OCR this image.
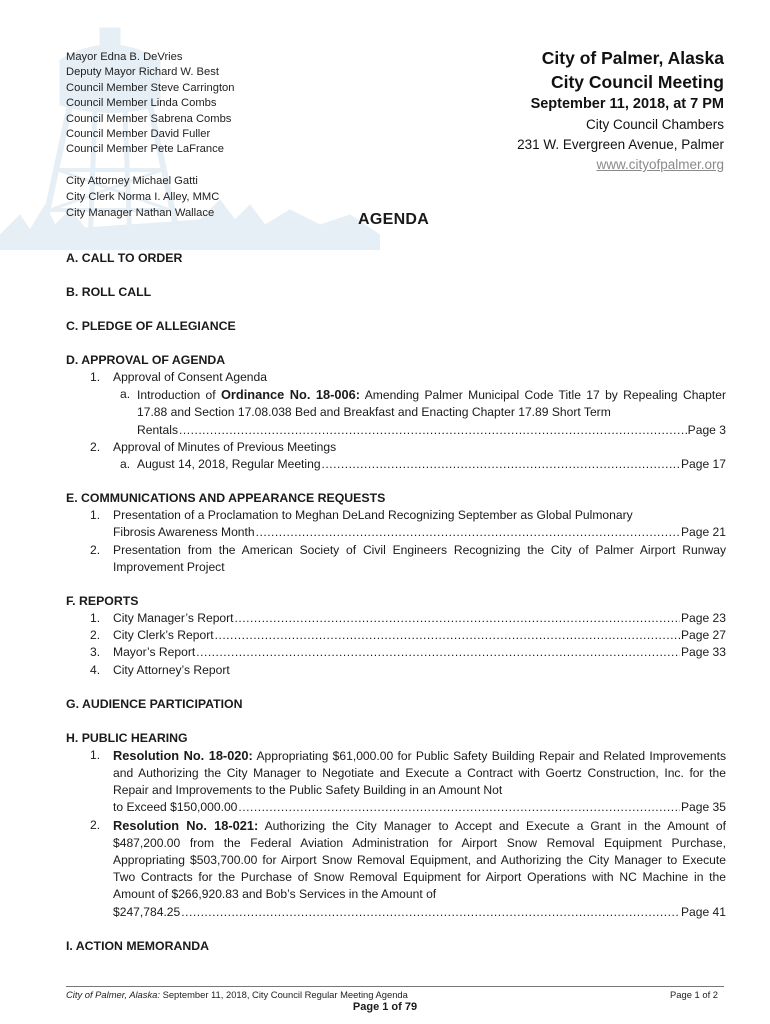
Mayor Edna B. DeVries
Deputy Mayor Richard W. Best
Council Member Steve Carrington
Council Member Linda Combs
Council Member Sabrena Combs
Council Member David Fuller
Council Member Pete LaFrance
City Attorney Michael Gatti
City Clerk Norma I. Alley, MMC
City Manager Nathan Wallace
City of Palmer, Alaska
City Council Meeting
September 11, 2018, at 7 PM
City Council Chambers
231 W. Evergreen Avenue, Palmer
www.cityofpalmer.org
AGENDA
A. CALL TO ORDER
B. ROLL CALL
C. PLEDGE OF ALLEGIANCE
D. APPROVAL OF AGENDA
1. Approval of Consent Agenda
a. Introduction of Ordinance No. 18-006: Amending Palmer Municipal Code Title 17 by Repealing Chapter 17.88 and Section 17.08.038 Bed and Breakfast and Enacting Chapter 17.89 Short Term
Rentals .....	Page 3
2. Approval of Minutes of Previous Meetings
a. August 14, 2018, Regular Meeting .....	Page 17
E. COMMUNICATIONS AND APPEARANCE REQUESTS
1. Presentation of a Proclamation to Meghan DeLand Recognizing September as Global Pulmonary
Fibrosis Awareness Month .....	Page 21
2. Presentation from the American Society of Civil Engineers Recognizing the City of Palmer Airport Runway Improvement Project
F. REPORTS
1. City Manager’s Report .....	Page 23
2. City Clerk’s Report .....	Page 27
3. Mayor’s Report .....	Page 33
4. City Attorney’s Report
G. AUDIENCE PARTICIPATION
H. PUBLIC HEARING
1. Resolution No. 18-020: Appropriating $61,000.00 for Public Safety Building Repair and Related Improvements and Authorizing the City Manager to Negotiate and Execute a Contract with Goertz Construction, Inc. for the Repair and Improvements to the Public Safety Building in an Amount Not
to Exceed $150,000.00 .....	Page 35
2. Resolution No. 18-021: Authorizing the City Manager to Accept and Execute a Grant in the Amount of $487,200.00 from the Federal Aviation Administration for Airport Snow Removal Equipment Purchase, Appropriating $503,700.00 for Airport Snow Removal Equipment, and Authorizing the City Manager to Execute Two Contracts for the Purchase of Snow Removal Equipment for Airport Operations with NC Machine in the Amount of $266,920.83 and Bob’s Services in the Amount of
$247,784.25 .....	Page 41
I. ACTION MEMORANDA
City of Palmer, Alaska: September 11, 2018, City Council Regular Meeting Agenda	Page 1 of 2
Page 1 of 79
